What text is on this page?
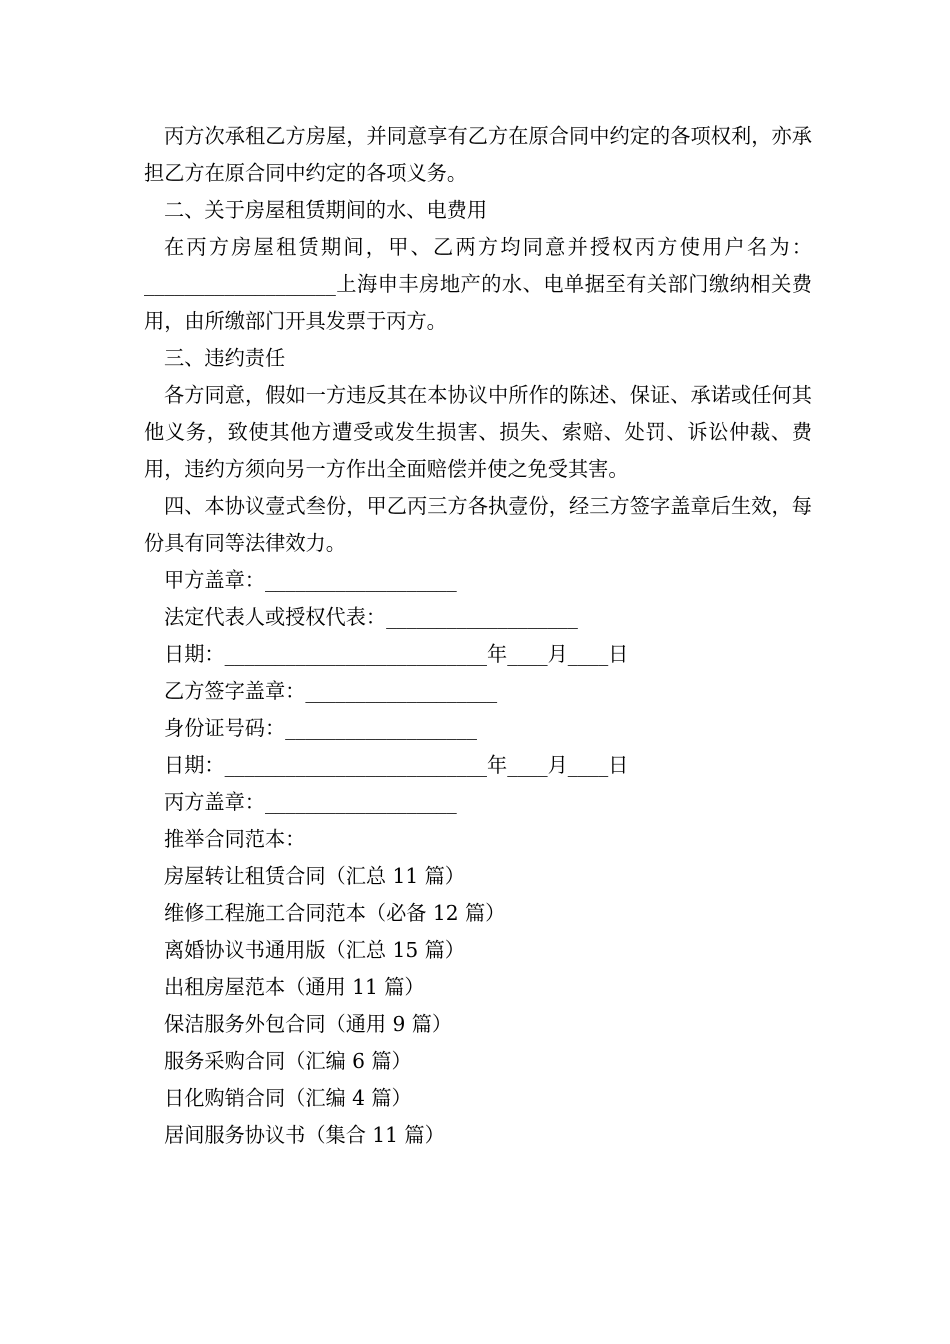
丙方次承租乙方房屋，并同意享有乙方在原合同中约定的各项权利，亦承担乙方在原合同中约定的各项义务。

二、关于房屋租赁期间的水、电费用

在丙方房屋租赁期间，甲、乙两方均同意并授权丙方使用户名为：___________________上海申丰房地产的水、电单据至有关部门缴纳相关费用，由所缴部门开具发票于丙方。

三、违约责任

各方同意，假如一方违反其在本协议中所作的陈述、保证、承诺或任何其他义务，致使其他方遭受或发生损害、损失、索赔、处罚、诉讼仲裁、费用，违约方须向另一方作出全面赔偿并使之免受其害。

四、本协议壹式叁份，甲乙丙三方各执壹份，经三方签字盖章后生效，每份具有同等法律效力。

甲方盖章：___________________

法定代表人或授权代表：___________________

日期：__________________________年____月____日

乙方签字盖章：___________________

身份证号码：___________________

日期：__________________________年____月____日

丙方盖章：___________________

推举合同范本：

房屋转让租赁合同（汇总 11 篇）

维修工程施工合同范本（必备 12 篇）

离婚协议书通用版（汇总 15 篇）

出租房屋范本（通用 11 篇）

保洁服务外包合同（通用 9 篇）

服务采购合同（汇编 6 篇）

日化购销合同（汇编 4 篇）

居间服务协议书（集合 11 篇）
